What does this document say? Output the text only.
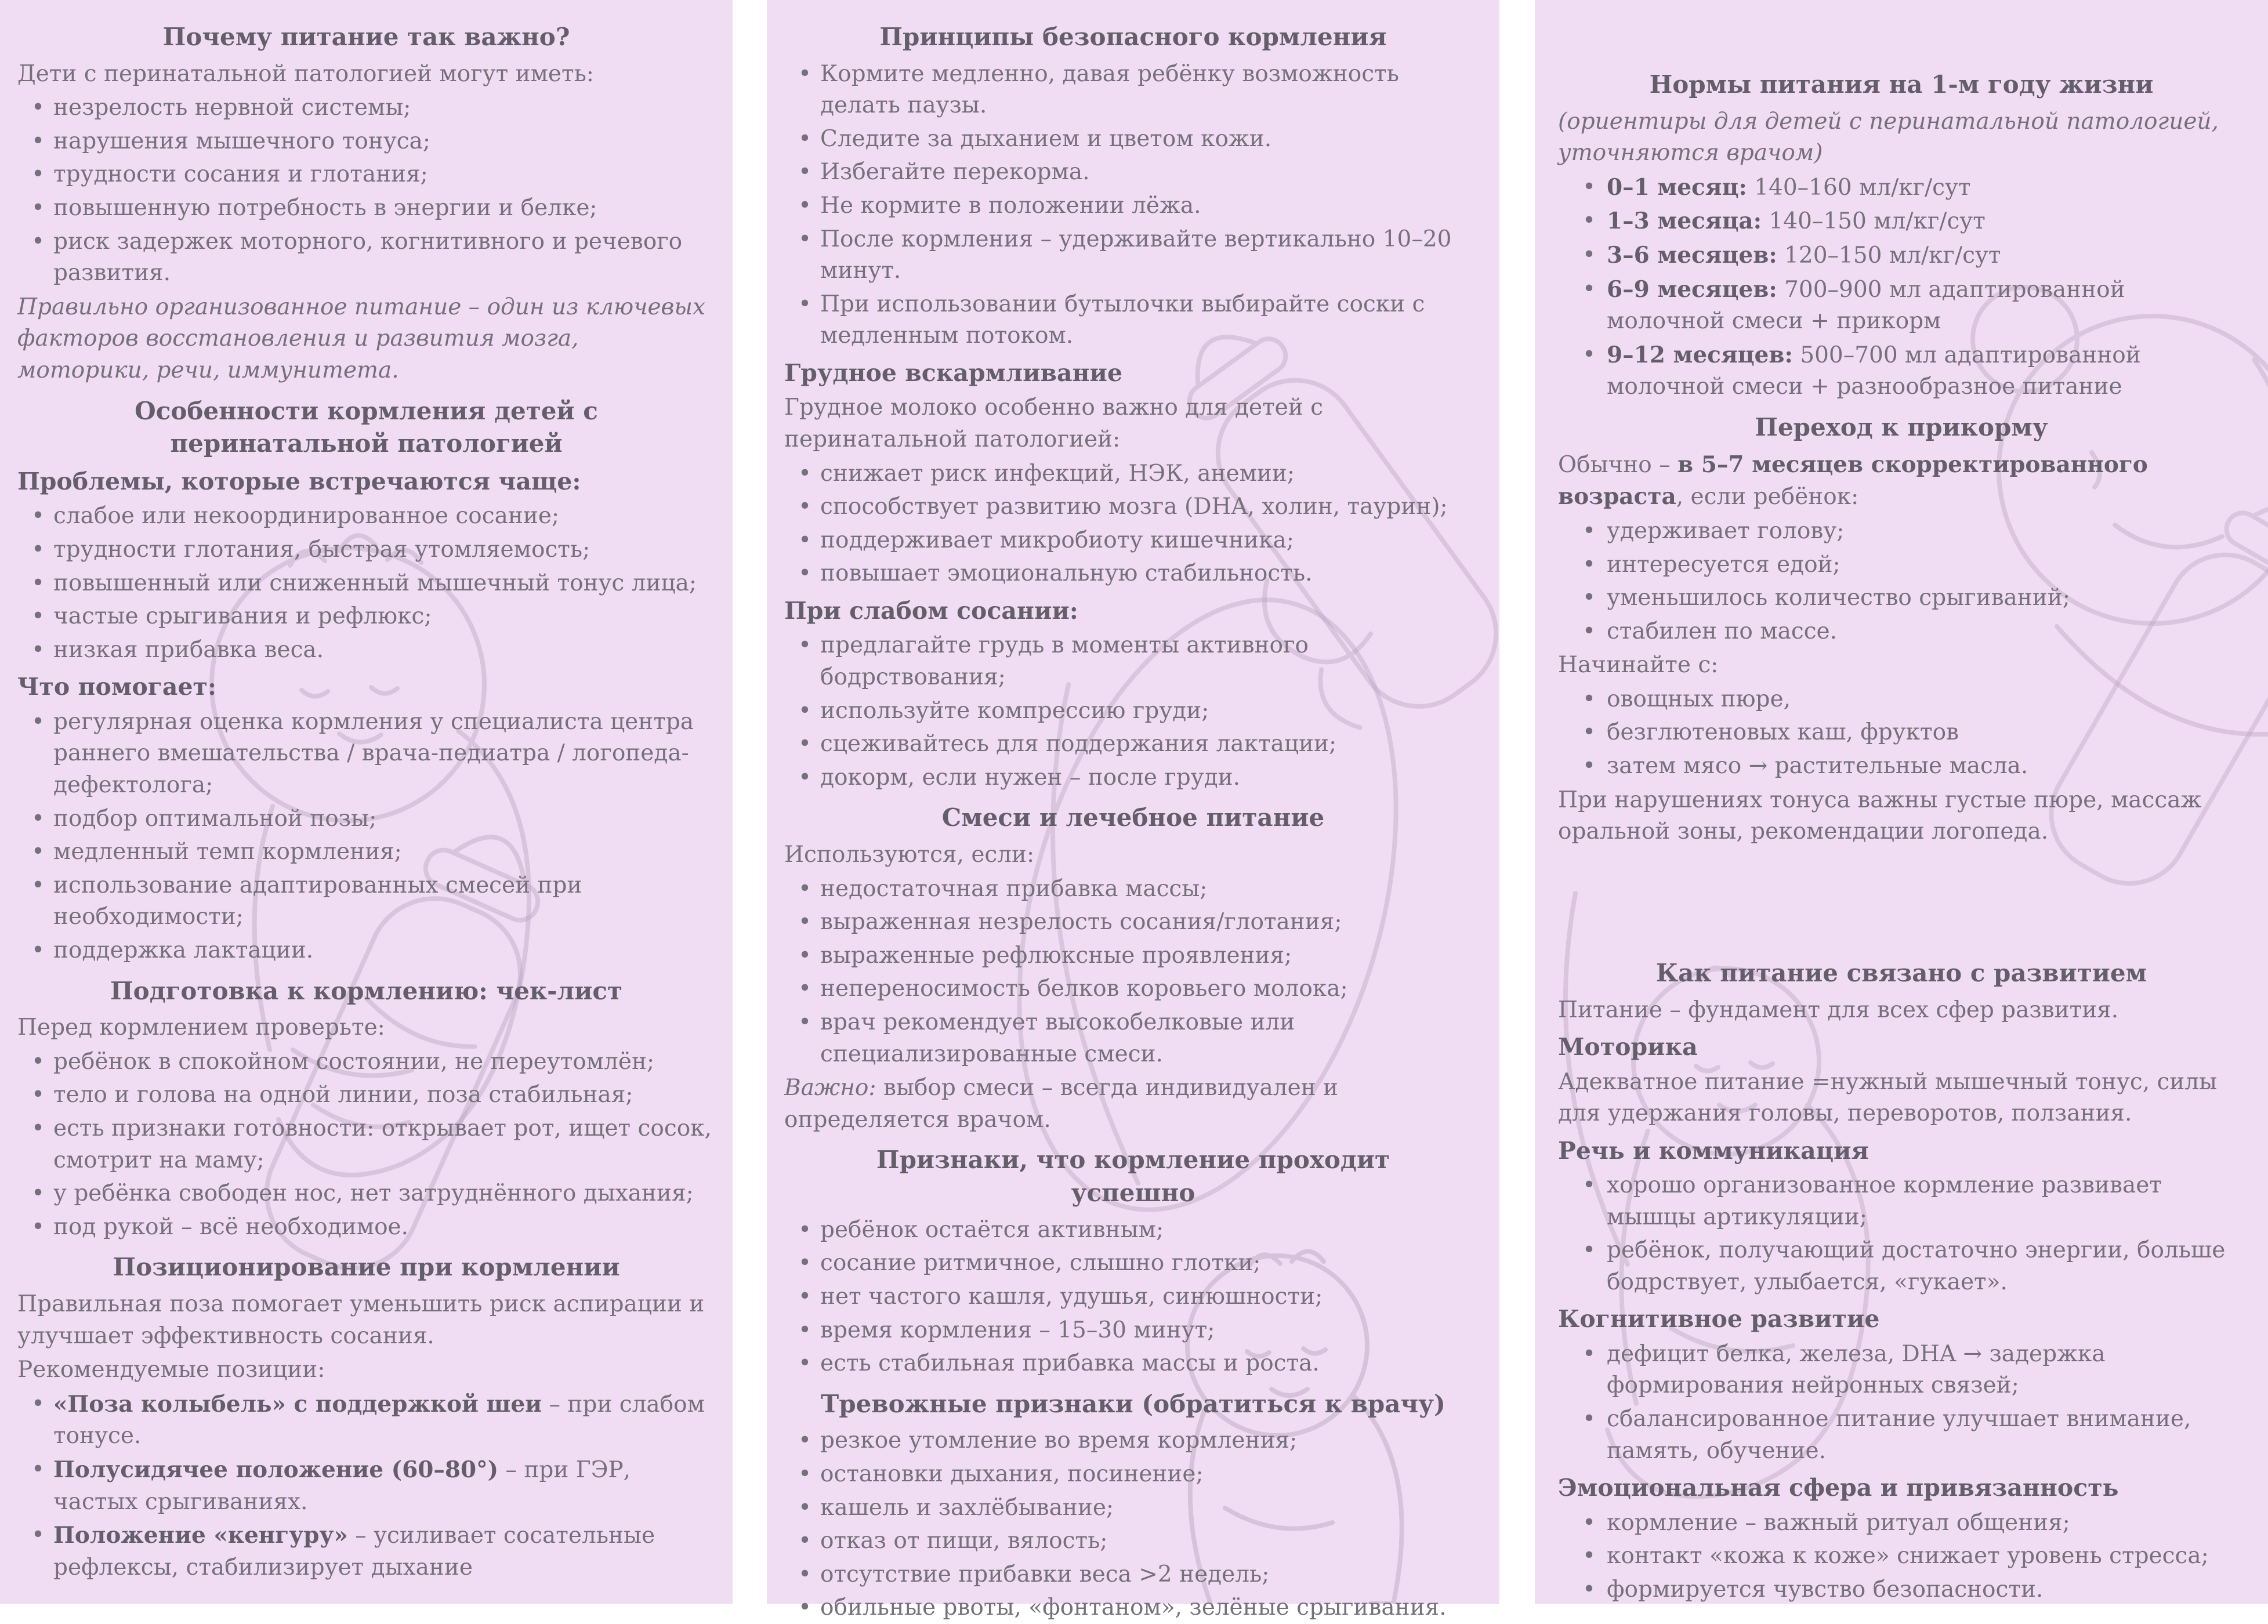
Почему питание так важно?
Дети с перинатальной патологией могут иметь:
• незрелость нервной системы;
• нарушения мышечного тонуса;
• трудности сосания и глотания;
• повышенную потребность в энергии и белке;
• риск задержек моторного, когнитивного и речевого развития.
Правильно организованное питание – один из ключевых факторов восстановления и развития мозга, моторики, речи, иммунитета.
Особенности кормления детей с перинатальной патологией
Проблемы, которые встречаются чаще:
• слабое или некоординированное сосание;
• трудности глотания, быстрая утомляемость;
• повышенный или сниженный мышечный тонус лица;
• частые срыгивания и рефлюкс;
• низкая прибавка веса.
Что помогает:
• регулярная оценка кормления у специалиста центра раннего вмешательства / врача-педиатра / логопеда-дефектолога;
• подбор оптимальной позы;
• медленный темп кормления;
• использование адаптированных смесей при необходимости;
• поддержка лактации.
Подготовка к кормлению: чек-лист
Перед кормлением проверьте:
• ребёнок в спокойном состоянии, не переутомлён;
• тело и голова на одной линии, поза стабильная;
• есть признаки готовности: открывает рот, ищет сосок, смотрит на маму;
• у ребёнка свободен нос, нет затруднённого дыхания;
• под рукой – всё необходимое.
Позиционирование при кормлении
Правильная поза помогает уменьшить риск аспирации и улучшает эффективность сосания.
Рекомендуемые позиции:
• «Поза колыбель» с поддержкой шеи – при слабом тонусе.
• Полусидячее положение (60–80°) – при ГЭР, частых срыгиваниях.
• Положение «кенгуру» – усиливает сосательные рефлексы, стабилизирует дыхание
Принципы безопасного кормления
• Кормите медленно, давая ребёнку возможность делать паузы.
• Следите за дыханием и цветом кожи.
• Избегайте перекорма.
• Не кормите в положении лёжа.
• После кормления – удерживайте вертикально 10–20 минут.
• При использовании бутылочки выбирайте соски с медленным потоком.
Грудное вскармливание
Грудное молоко особенно важно для детей с перинатальной патологией:
• снижает риск инфекций, НЭК, анемии;
• способствует развитию мозга (DHA, холин, таурин);
• поддерживает микробиоту кишечника;
• повышает эмоциональную стабильность.
При слабом сосании:
• предлагайте грудь в моменты активного бодрствования;
• используйте компрессию груди;
• сцеживайтесь для поддержания лактации;
• докорм, если нужен – после груди.
Смеси и лечебное питание
Используются, если:
• недостаточная прибавка массы;
• выраженная незрелость сосания/глотания;
• выраженные рефлюксные проявления;
• непереносимость белков коровьего молока;
• врач рекомендует высокобелковые или специализированные смеси.
Важно: выбор смеси – всегда индивидуален и определяется врачом.
Признаки, что кормление проходит успешно
• ребёнок остаётся активным;
• сосание ритмичное, слышно глотки;
• нет частого кашля, удушья, синюшности;
• время кормления – 15–30 минут;
• есть стабильная прибавка массы и роста.
Тревожные признаки (обратиться к врачу)
• резкое утомление во время кормления;
• остановки дыхания, посинение;
• кашель и захлёбывание;
• отказ от пищи, вялость;
• отсутствие прибавки веса >2 недель;
• обильные рвоты, «фонтаном», зелёные срыгивания.
Нормы питания на 1-м году жизни
(ориентиры для детей с перинатальной патологией, уточняются врачом)
• 0–1 месяц: 140–160 мл/кг/сут
• 1–3 месяца: 140–150 мл/кг/сут
• 3–6 месяцев: 120–150 мл/кг/сут
• 6–9 месяцев: 700–900 мл адаптированной молочной смеси + прикорм
• 9–12 месяцев: 500–700 мл адаптированной молочной смеси + разнообразное питание
Переход к прикорму
Обычно – в 5–7 месяцев скорректированного возраста, если ребёнок:
• удерживает голову;
• интересуется едой;
• уменьшилось количество срыгиваний;
• стабилен по массе.
Начинайте с:
• овощных пюре,
• безглютеновых каш, фруктов
• затем мясо → растительные масла.
При нарушениях тонуса важны густые пюре, массаж оральной зоны, рекомендации логопеда.
Как питание связано с развитием
Питание – фундамент для всех сфер развития.
Моторика
Адекватное питание =нужный мышечный тонус, силы для удержания головы, переворотов, ползания.
Речь и коммуникация
• хорошо организованное кормление развивает мышцы артикуляции;
• ребёнок, получающий достаточно энергии, больше бодрствует, улыбается, «гукает».
Когнитивное развитие
• дефицит белка, железа, DHA → задержка формирования нейронных связей;
• сбалансированное питание улучшает внимание, память, обучение.
Эмоциональная сфера и привязанность
• кормление – важный ритуал общения;
• контакт «кожа к коже» снижает уровень стресса;
• формируется чувство безопасности.
